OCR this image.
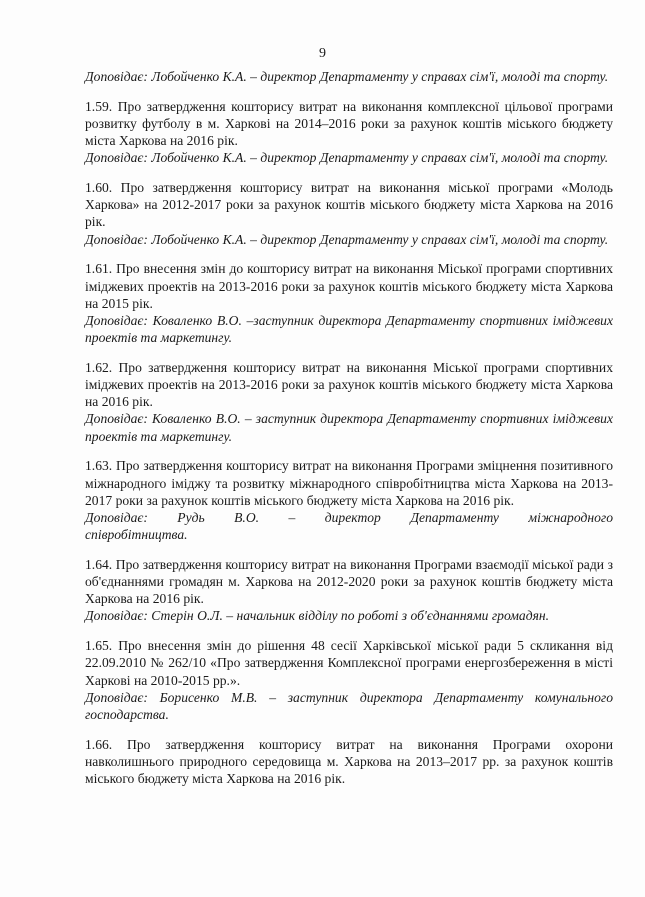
9
Доповідає: Лобойченко К.А. – директор Департаменту у справах сім'ї, молоді та спорту.
1.59. Про затвердження кошторису витрат на виконання комплексної цільової програми розвитку футболу в м. Харкові на 2014–2016 роки за рахунок коштів міського бюджету міста Харкова на 2016 рік.
Доповідає: Лобойченко К.А. – директор Департаменту у справах сім'ї, молоді та спорту.
1.60. Про затвердження кошторису витрат на виконання міської програми «Молодь Харкова» на 2012-2017 роки за рахунок коштів міського бюджету міста Харкова на 2016 рік.
Доповідає: Лобойченко К.А. – директор Департаменту у справах сім'ї, молоді та спорту.
1.61. Про внесення змін до кошторису витрат на виконання Міської програми спортивних іміджевих проектів на 2013-2016 роки за рахунок коштів міського бюджету міста Харкова на 2015 рік.
Доповідає: Коваленко В.О. –заступник директора Департаменту спортивних іміджевих проектів та маркетингу.
1.62. Про затвердження кошторису витрат на виконання Міської програми спортивних іміджевих проектів на 2013-2016 роки за рахунок коштів міського бюджету міста Харкова на 2016 рік.
Доповідає: Коваленко В.О. – заступник директора Департаменту спортивних іміджевих проектів та маркетингу.
1.63. Про затвердження кошторису витрат на виконання Програми зміцнення позитивного міжнародного іміджу та розвитку міжнародного співробітництва міста Харкова на 2013-2017 роки за рахунок коштів міського бюджету міста Харкова на 2016 рік.
Доповідає: Рудь В.О. – директор Департаменту міжнародного
співробітництва.
1.64. Про затвердження кошторису витрат на виконання Програми взаємодії міської ради з об'єднаннями громадян м. Харкова на 2012-2020 роки за рахунок коштів бюджету міста Харкова на 2016 рік.
Доповідає: Стерін О.Л. – начальник відділу по роботі з об'єднаннями громадян.
1.65. Про внесення змін до рішення 48 сесії Харківської міської ради 5 скликання від 22.09.2010 № 262/10 «Про затвердження Комплексної програми енергозбереження в місті Харкові на 2010-2015 рр.».
Доповідає: Борисенко М.В. – заступник директора Департаменту комунального господарства.
1.66. Про затвердження кошторису витрат на виконання Програми охорони навколишнього природного середовища м. Харкова на 2013–2017 рр. за рахунок коштів міського бюджету міста Харкова на 2016 рік.
